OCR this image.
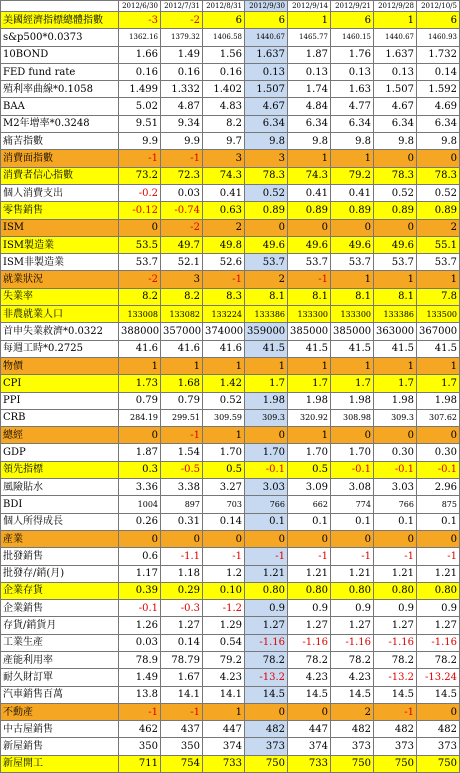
	2012/6/30	2012/7/31	2012/8/31	2012/9/30	2012/9/14	2012/9/21	2012/9/28	2012/10/5
美國經濟指標總體指數	-3	-2	6	6	1	6	1	6
s&p500*0.0373	1362.16	1379.32	1406.58	1440.67	1465.77	1460.15	1440.67	1460.93
10BOND	1.66	1.49	1.56	1.637	1.87	1.76	1.637	1.732
FED fund rate	0.16	0.16	0.16	0.13	0.13	0.13	0.13	0.14
殖利率曲線*0.1058	1.499	1.332	1.402	1.507	1.74	1.63	1.507	1.592
BAA	5.02	4.87	4.83	4.67	4.84	4.77	4.67	4.69
M2年增率*0.3248	9.51	9.34	8.2	6.34	6.34	6.34	6.34	6.34
痛苦指數	9.9	9.9	9.7	9.8	9.8	9.8	9.8	9.8
消費面指數	-1	-1	3	3	1	1	0	0
消費者信心指數	73.2	72.3	74.3	78.3	74.3	79.2	78.3	78.3
個人消費支出	-0.2	0.03	0.41	0.52	0.41	0.41	0.52	0.52
零售銷售	-0.12	-0.74	0.63	0.89	0.89	0.89	0.89	0.89
ISM	0	-2	2	0	0	0	0	2
ISM製造業	53.5	49.7	49.8	49.6	49.6	49.6	49.6	55.1
ISM非製造業	53.7	52.1	52.6	53.7	53.7	53.7	53.7	53.7
就業狀況	-2	3	-1	2	-1	1	1	1
失業率	8.2	8.2	8.3	8.1	8.1	8.1	8.1	7.8
非農就業人口	133008	133082	133224	133386	133300	133300	133386	133500
首申失業救濟*0.0322	388000	357000	374000	359000	385000	385000	363000	367000
每週工時*0.2725	41.6	41.6	41.6	41.5	41.5	41.5	41.5	41.5
物價	1	1	1	1	1	1	1	1
CPI	1.73	1.68	1.42	1.7	1.7	1.7	1.7	1.7
PPI	0.79	0.79	0.52	1.98	1.98	1.98	1.98	1.98
CRB	284.19	299.51	309.59	309.3	320.92	308.98	309.3	307.62
總經	0	-1	1	0	1	0	0	0
GDP	1.87	1.54	1.70	1.70	1.70	1.70	0.30	0.30
領先指標	0.3	-0.5	0.5	-0.1	0.5	-0.1	-0.1	-0.1
風險貼水	3.36	3.38	3.27	3.03	3.09	3.08	3.03	2.96
BDI	1004	897	703	766	662	774	766	875
個人所得成長	0.26	0.31	0.14	0.1	0.1	0.1	0.1	0.1
產業	0	0	0	0	0	0	0	0
批發銷售	0.6	-1.1	-1	-1	-1	-1	-1	-1
批發存/銷(月)	1.17	1.18	1.2	1.21	1.21	1.21	1.21	1.21
企業存貨	0.39	0.29	0.10	0.80	0.80	0.80	0.80	0.80
企業銷售	-0.1	-0.3	-1.2	0.9	0.9	0.9	0.9	0.9
存貨/銷貨月	1.26	1.27	1.29	1.27	1.27	1.27	1.27	1.27
工業生產	0.03	0.14	0.54	-1.16	-1.16	-1.16	-1.16	-1.16
產能利用率	78.9	78.79	79.2	78.2	78.2	78.2	78.2	78.2
耐久財訂單	1.49	1.67	4.23	-13.2	4.23	4.23	-13.2	-13.24
汽車銷售百萬	13.8	14.1	14.1	14.5	14.5	14.5	14.5	14.5
不動產	-1	-1	1	0	0	2	-1	0
中古屋銷售	462	437	447	482	447	482	482	482
新屋銷售	350	350	374	373	374	373	373	373
新屋開工	711	754	733	750	733	750	750	750
